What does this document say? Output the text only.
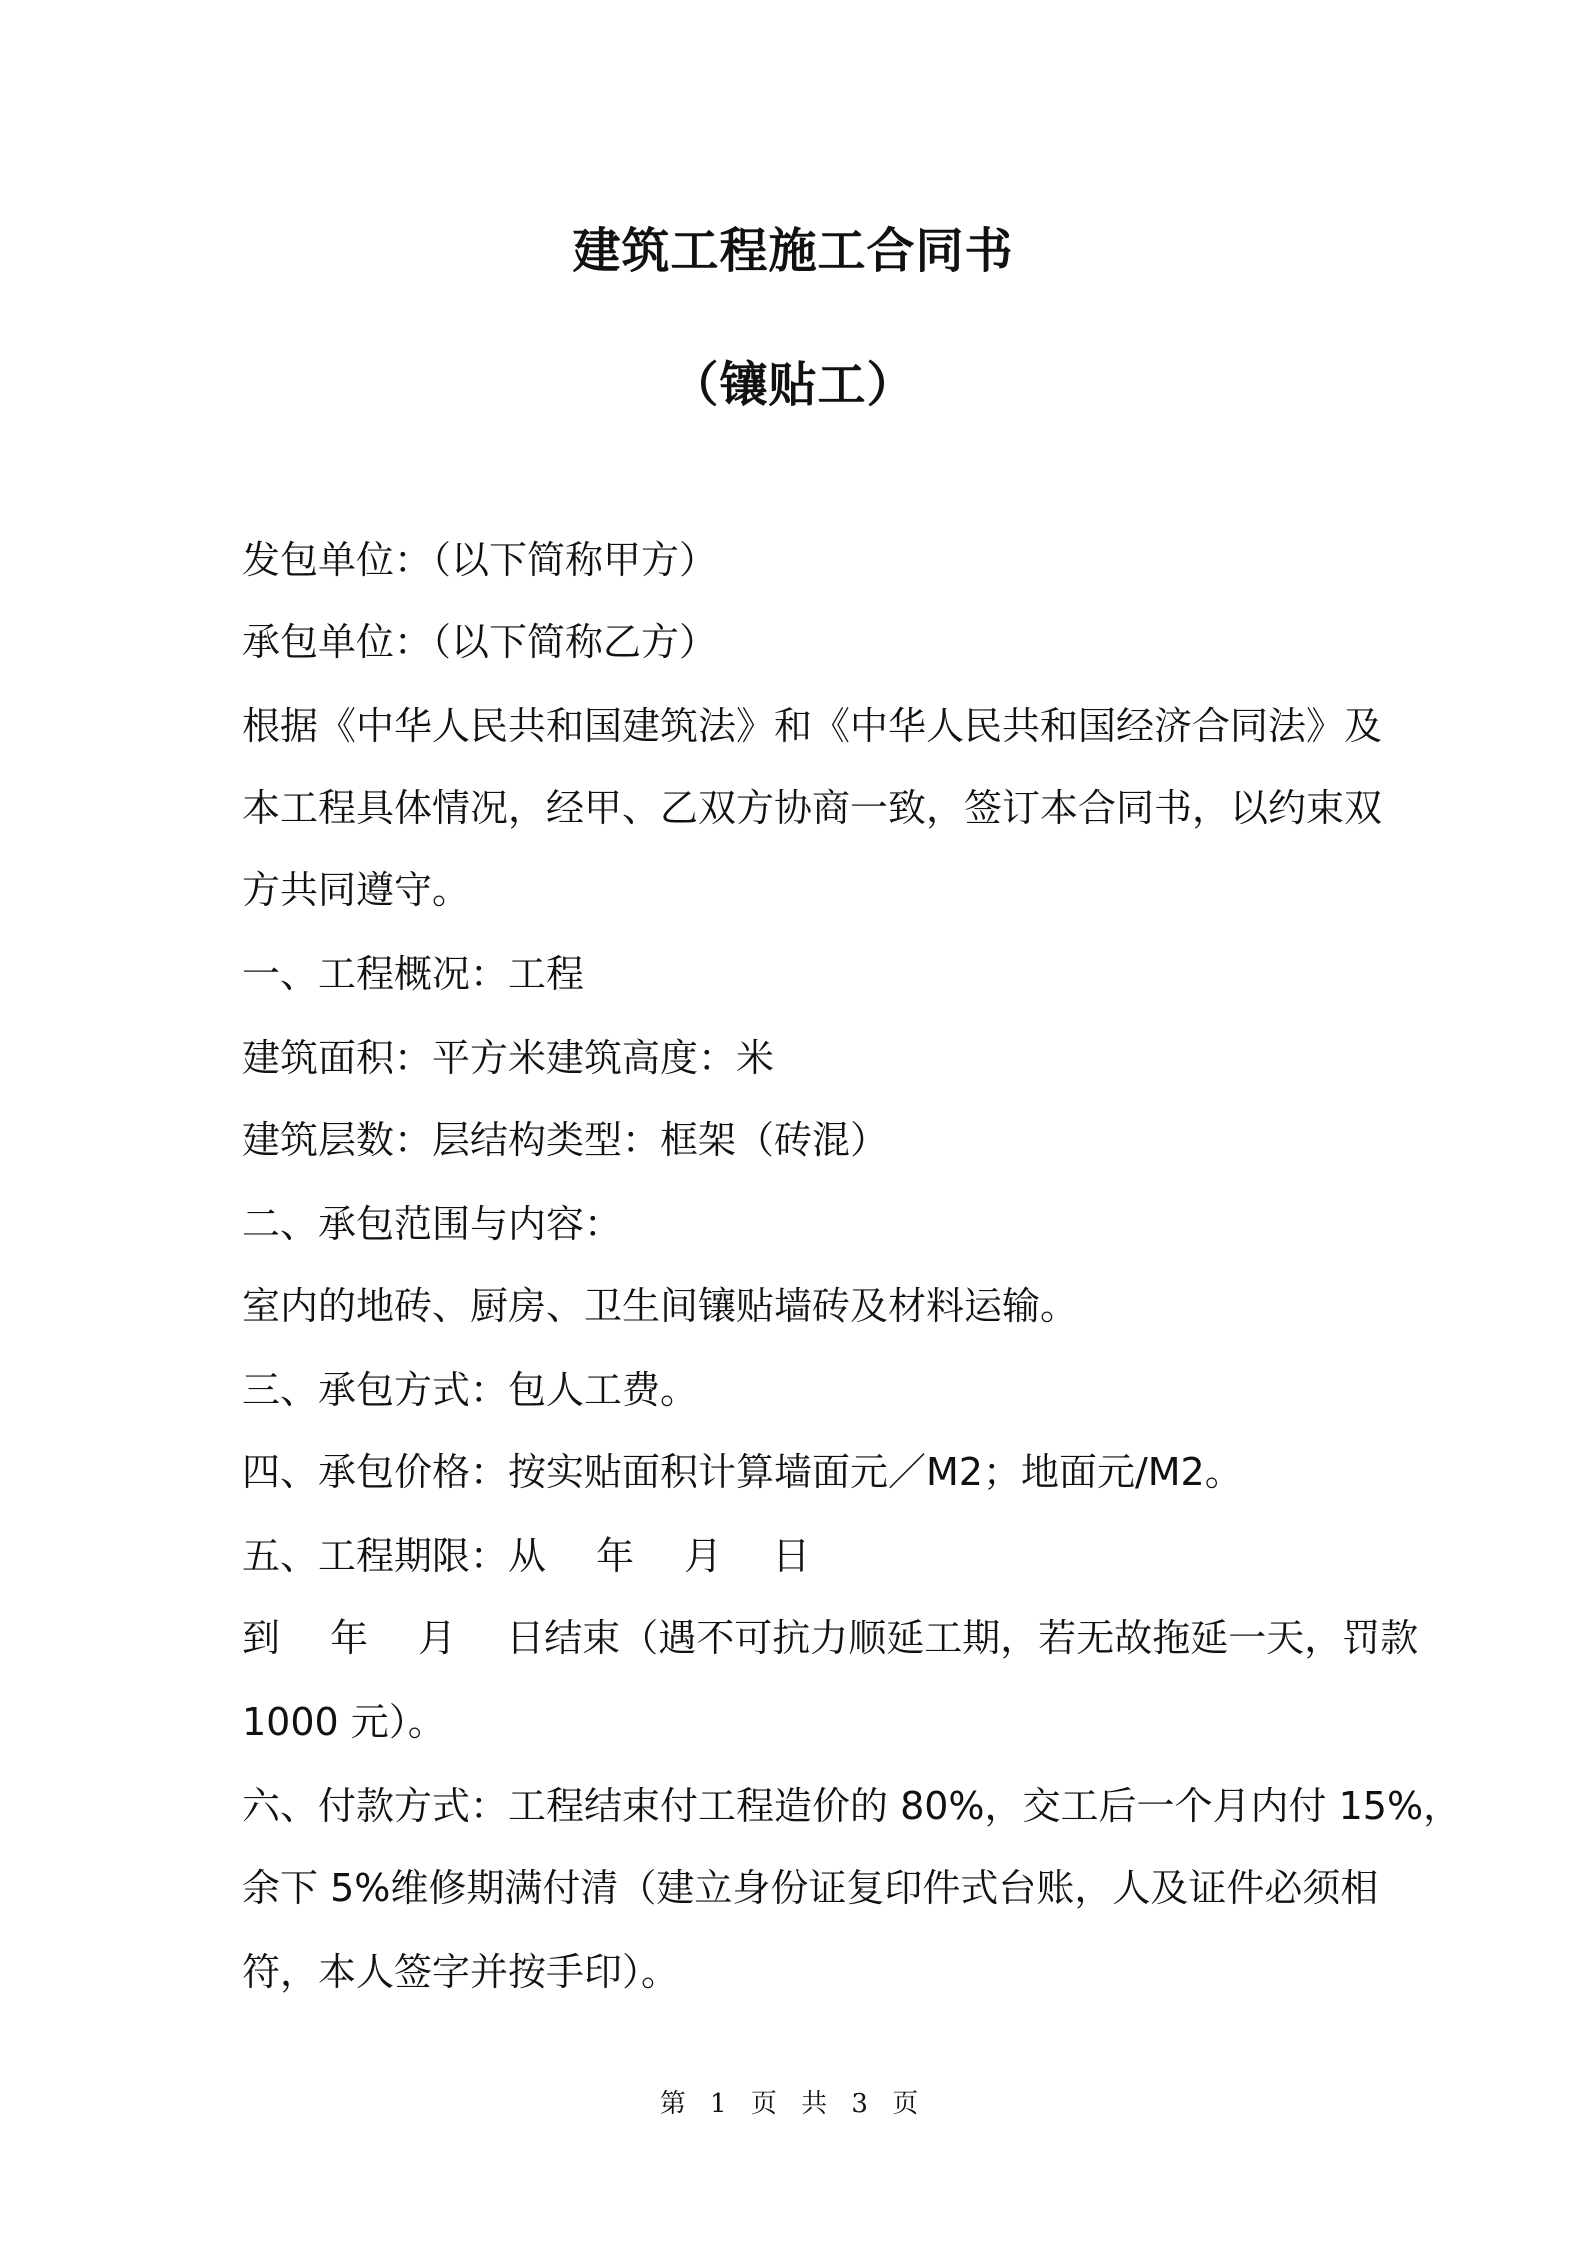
建筑工程施工合同书
（镶贴工）
发包单位：（以下简称甲方）
承包单位：（以下简称乙方）
根据《中华人民共和国建筑法》和《中华人民共和国经济合同法》及
本工程具体情况，经甲、乙双方协商一致，签订本合同书，以约束双
方共同遵守。
一、工程概况：工程
建筑面积：平方米建筑高度：米
建筑层数：层结构类型：框架（砖混）
二、承包范围与内容：
室内的地砖、厨房、卫生间镶贴墙砖及材料运输。
三、承包方式：包人工费。
四、承包价格：按实贴面积计算墙面元／M2；地面元/M2。
五、工程期限：从　 年　 月　 日
到　 年　 月　 日结束（遇不可抗力顺延工期，若无故拖延一天，罚款
1000 元）。
六、付款方式：工程结束付工程造价的 80%，交工后一个月内付 15%，
余下 5%维修期满付清（建立身份证复印件式台账，人及证件必须相
符，本人签字并按手印）。
第 1 页 共 3 页
